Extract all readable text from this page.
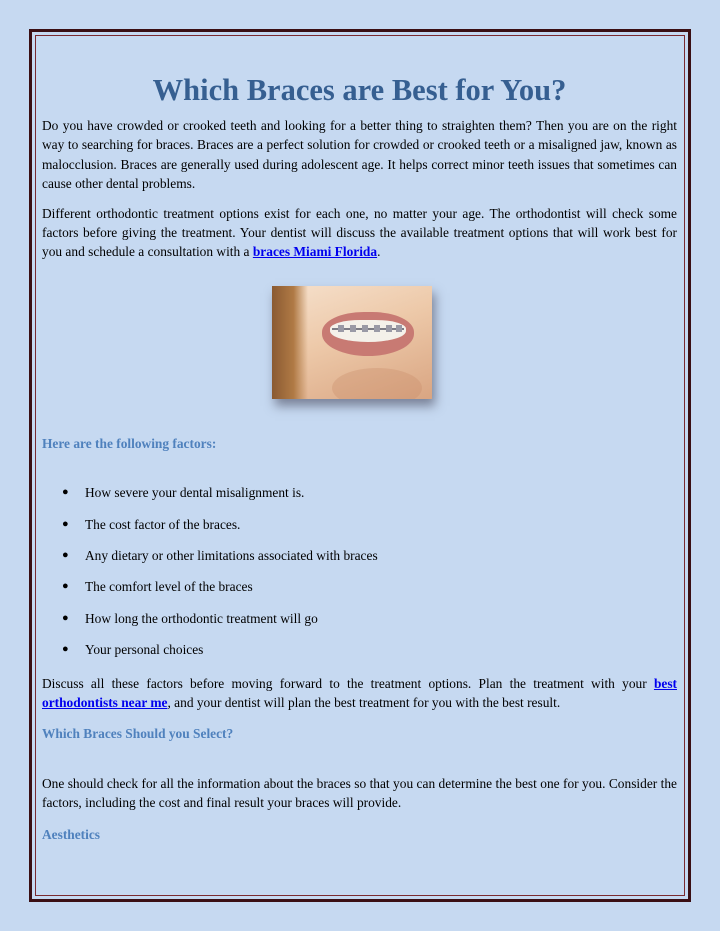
Which Braces are Best for You?

Do you have crowded or crooked teeth and looking for a better thing to straighten them? Then you are on the right way to searching for braces. Braces are a perfect solution for crowded or crooked teeth or a misaligned jaw, known as malocclusion. Braces are generally used during adolescent age. It helps correct minor teeth issues that sometimes can cause other dental problems.

Different orthodontic treatment options exist for each one, no matter your age. The orthodontist will check some factors before giving the treatment. Your dentist will discuss the available treatment options that will work best for you and schedule a consultation with a braces Miami Florida.

Here are the following factors:

● How severe your dental misalignment is.
● The cost factor of the braces.
● Any dietary or other limitations associated with braces
● The comfort level of the braces
● How long the orthodontic treatment will go
● Your personal choices

Discuss all these factors before moving forward to the treatment options. Plan the treatment with your best orthodontists near me, and your dentist will plan the best treatment for you with the best result.

Which Braces Should you Select?

One should check for all the information about the braces so that you can determine the best one for you. Consider the factors, including the cost and final result your braces will provide.

Aesthetics
